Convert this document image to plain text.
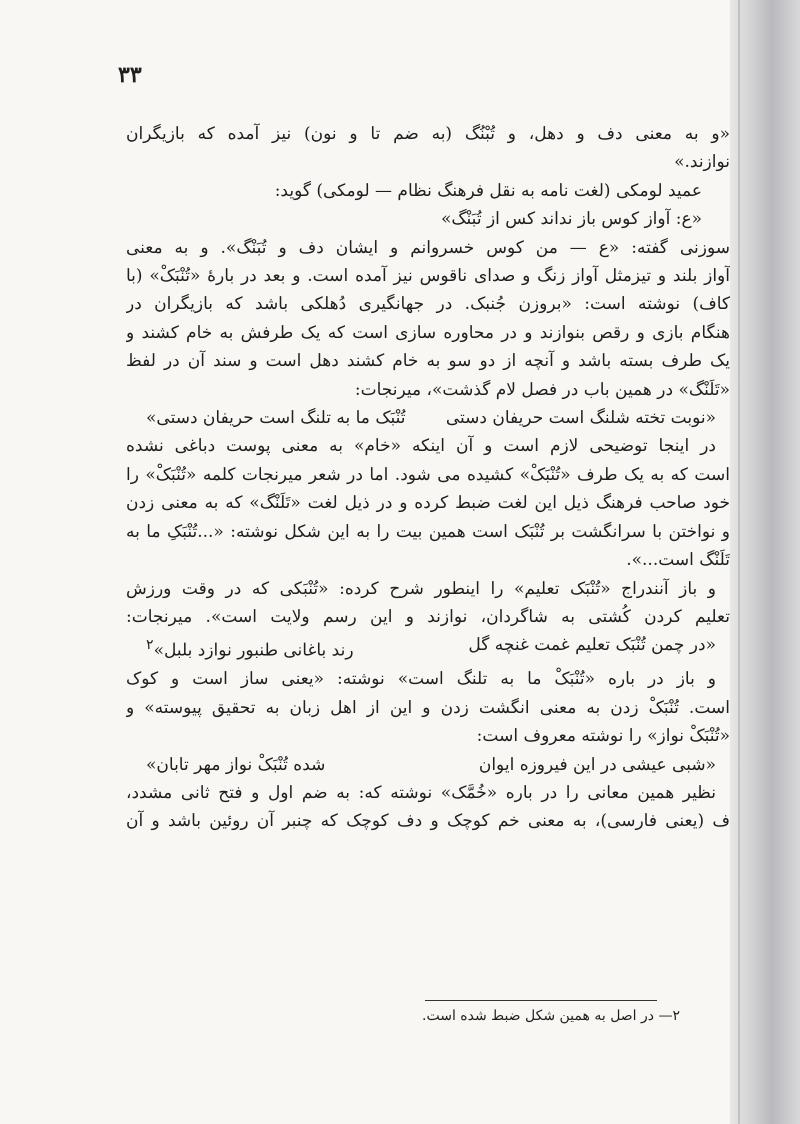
۳۳
«و به معنی دف و دهل، و تُبْنُگ (به ضم تا و نون) نیز آمده که بازیگران
نوازند.»
عمید لومکی (لغت نامه به نقل فرهنگ نظام — لومکی) گوید:
«ع: آواز کوس باز نداند کس از تُبَنْگ»
سوزنی گفته: «ع — من کوس خسروانم و ایشان دف و تُبَنْگ». و به معنی
آواز بلند و تیزمثل آواز زنگ و صدای ناقوس نیز آمده است. و بعد در بارهٔ «تُنْبَکْ» (با
کاف) نوشته است: «بروزن جُنبک. در جهانگیری دُهلکی باشد که بازیگران در
هنگام بازی و رقص بنوازند و در محاوره سازی است که یک طرفش به خام کشند و
یک طرف بسته باشد و آنچه از دو سو به خام کشند دهل است و سند آن در لفظ
«تَلَنْگ» در همین باب در فصل لام گذشت»، میرنجات:
«نوبت تخته شلنگ است حریفان دستی
تُنْبَک ما به تلنگ است حریفان دستی»
در اینجا توضیحی لازم است و آن اینکه «خام» به معنی پوست دباغی نشده
است که به یک طرف «تُنْبَکْ» کشیده می شود. اما در شعر میرنجات کلمه «تُنْبَکْ» را
خود صاحب فرهنگ ذیل این لغت ضبط کرده و در ذیل لغت «تَلَنْگ» که به معنی زدن
و نواختن با سرانگشت بر تُنْبَک است همین بیت را به این شکل نوشته: «...تُنْبَکِ ما به
تَلَنْگ است...».
و باز آنندراج «تُنْبَک تعلیم» را اینطور شرح کرده: «تُنْبَکی که در وقت ورزش
تعلیم کردن کُشتی به شاگردان، نوازند و این رسم ولایت است». میرنجات:
«در چمن تُنْبَک تعلیم غمت غنچه گل
رند باغانی طنبور نوازد بلبل»$^۲$
و باز در باره «تُنْبَکْ ما به تلنگ است» نوشته: «یعنی ساز است و کوک
است. تُنْبَکْ زدن به معنی انگشت زدن و این از اهل زبان به تحقیق پیوسته» و
«تُنْبَکْ نواز» را نوشته معروف است:
«شبی عیشی در این فیروزه ایوان
شده تُنْبَکْ نواز مهر تابان»
نظیر همین معانی را در باره «خُمَّک» نوشته که: به ضم اول و فتح ثانی مشدد،
ف (یعنی فارسی)، به معنی خم کوچک و دف کوچک که چنبر آن روئین باشد و آن
۲— در اصل به همین شکل ضبط شده است.
